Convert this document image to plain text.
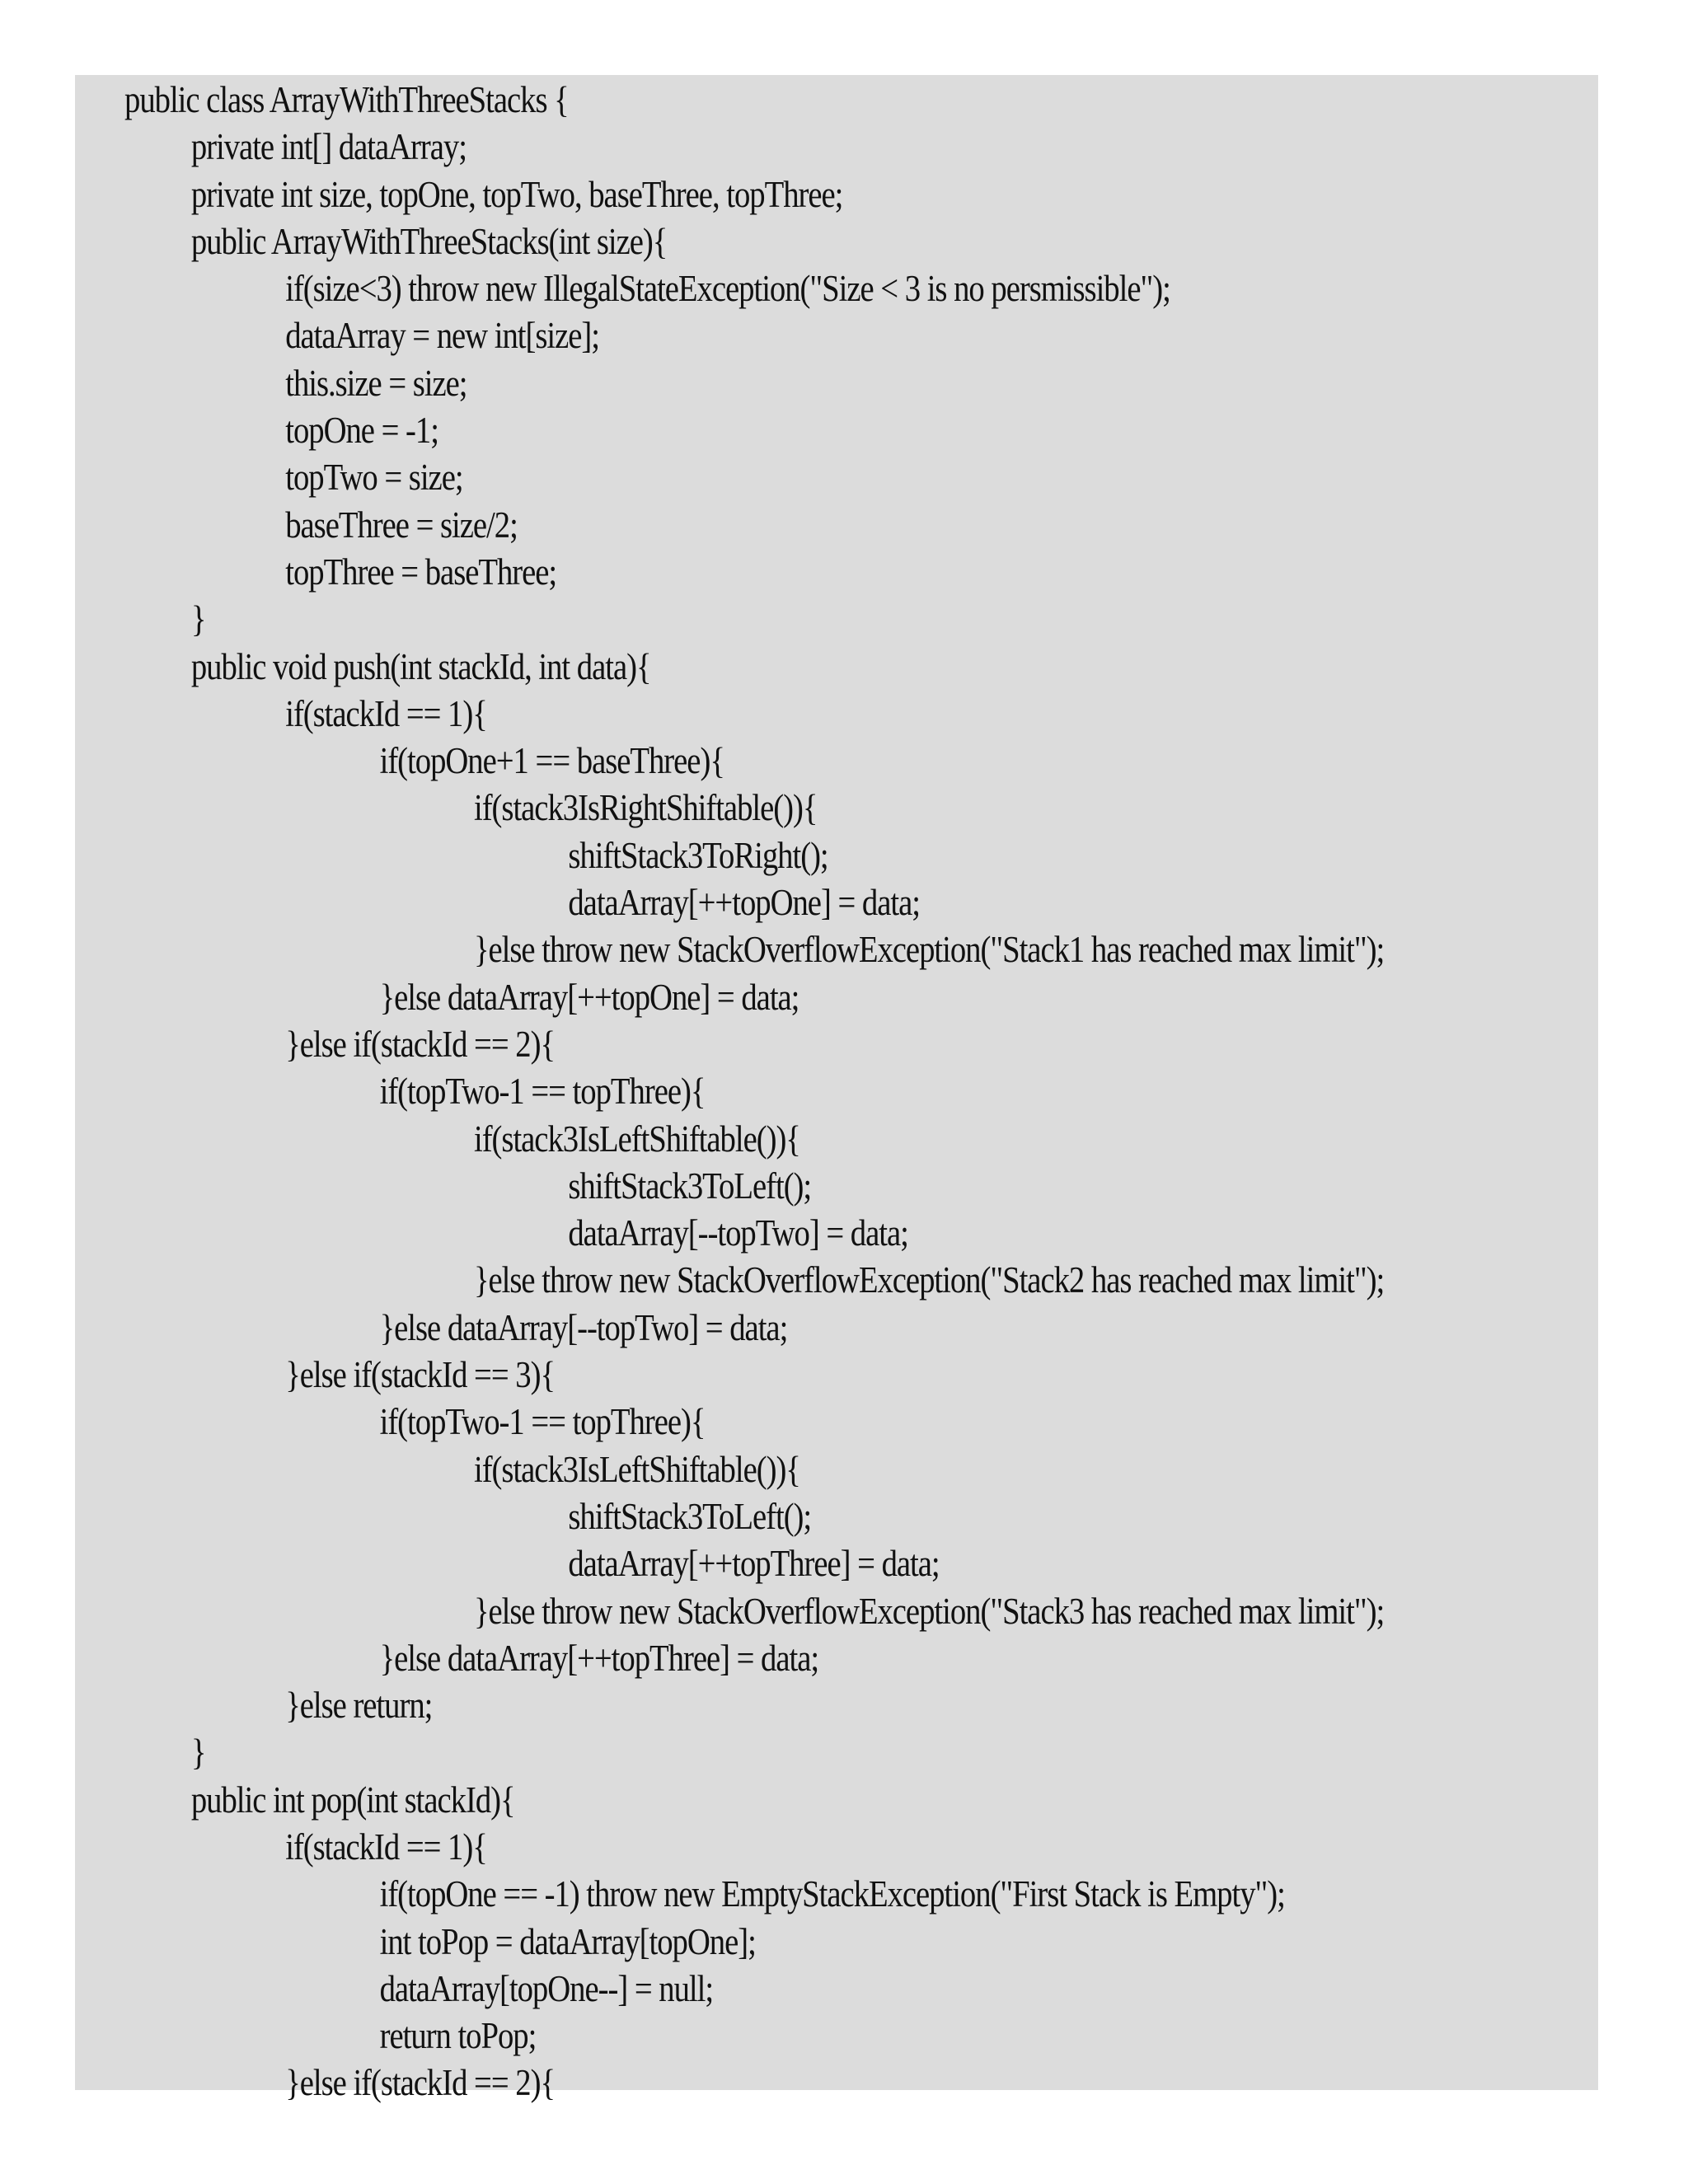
public class ArrayWithThreeStacks {
private int[] dataArray;
private int size, topOne, topTwo, baseThree, topThree;
public ArrayWithThreeStacks(int size){
if(size<3) throw new IllegalStateException("Size < 3 is no persmissible");
dataArray = new int[size];
this.size = size;
topOne = -1;
topTwo = size;
baseThree = size/2;
topThree = baseThree;
}
public void push(int stackId, int data){
if(stackId == 1){
if(topOne+1 == baseThree){
if(stack3IsRightShiftable()){
shiftStack3ToRight();
dataArray[++topOne] = data;
}else throw new StackOverflowException("Stack1 has reached max limit");
}else dataArray[++topOne] = data;
}else if(stackId == 2){
if(topTwo-1 == topThree){
if(stack3IsLeftShiftable()){
shiftStack3ToLeft();
dataArray[--topTwo] = data;
}else throw new StackOverflowException("Stack2 has reached max limit");
}else dataArray[--topTwo] = data;
}else if(stackId == 3){
if(topTwo-1 == topThree){
if(stack3IsLeftShiftable()){
shiftStack3ToLeft();
dataArray[++topThree] = data;
}else throw new StackOverflowException("Stack3 has reached max limit");
}else dataArray[++topThree] = data;
}else return;
}
public int pop(int stackId){
if(stackId == 1){
if(topOne == -1) throw new EmptyStackException("First Stack is Empty");
int toPop = dataArray[topOne];
dataArray[topOne--] = null;
return toPop;
}else if(stackId == 2){
